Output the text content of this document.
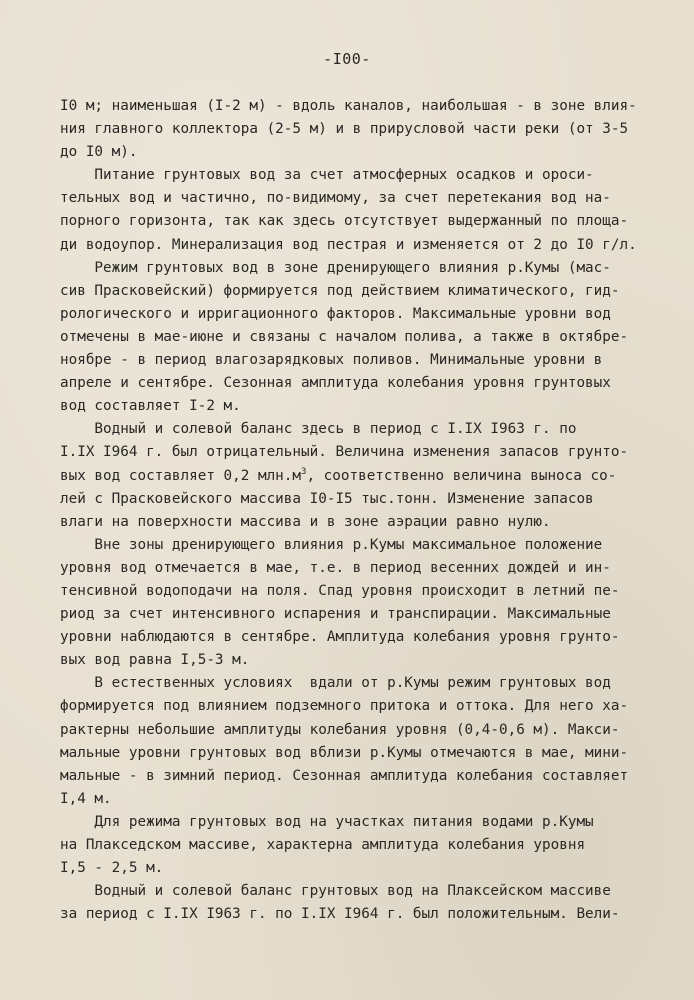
-I00-
I0 м; наименьшая (I-2 м) - вдоль каналов, наибольшая - в зоне влия-
ния главного коллектора (2-5 м) и в прирусловой части реки (от 3-5
до I0 м).
Питание грунтовых вод за счет атмосферных осадков и ороси-
тельных вод и частично, по-видимому, за счет перетекания вод на-
порного горизонта, так как здесь отсутствует выдержанный по площа-
ди водоупор. Минерализация вод пестрая и изменяется от 2 до I0 г/л.
Режим грунтовых вод в зоне дренирующего влияния р.Кумы (мас-
сив Прасковейский) формируется под действием климатического, гид-
рологического и ирригационного факторов. Максимальные уровни вод
отмечены в мае-июне и связаны с началом полива, а также в октябре-
ноябре - в период влагозарядковых поливов. Минимальные уровни в
апреле и сентябре. Сезонная амплитуда колебания уровня грунтовых
вод составляет I-2 м.
Водный и солевой баланс здесь в период с I.IX I963 г. по
I.IX I964 г. был отрицательный. Величина изменения запасов грунто-
вых вод составляет 0,2 $млн.м^3$, соответственно величина выноса со-
лей с Прасковейского массива I0-I5 тыс.тонн. Изменение запасов
влаги на поверхности массива и в зоне аэрации равно нулю.
Вне зоны дренирующего влияния р.Кумы максимальное положение
уровня вод отмечается в мае, т.е. в период весенних дождей и ин-
тенсивной водоподачи на поля. Спад уровня происходит в летний пе-
риод за счет интенсивного испарения и транспирации. Максимальные
уровни наблюдаются в сентябре. Амплитуда колебания уровня грунто-
вых вод равна I,5-3 м.
В естественных условиях  вдали от р.Кумы режим грунтовых вод
формируется под влиянием подземного притока и оттока. Для него ха-
рактерны небольшие амплитуды колебания уровня (0,4-0,6 м). Макси-
мальные уровни грунтовых вод вблизи р.Кумы отмечаются в мае, мини-
мальные - в зимний период. Сезонная амплитуда колебания составляет
I,4 м.
Для режима грунтовых вод на участках питания водами р.Кумы
на Плакседском массиве, характерна амплитуда колебания уровня
I,5 - 2,5 м.
Водный и солевой баланс грунтовых вод на Плаксейском массиве
за период с I.IX I963 г. по I.IX I964 г. был положительным. Вели-
